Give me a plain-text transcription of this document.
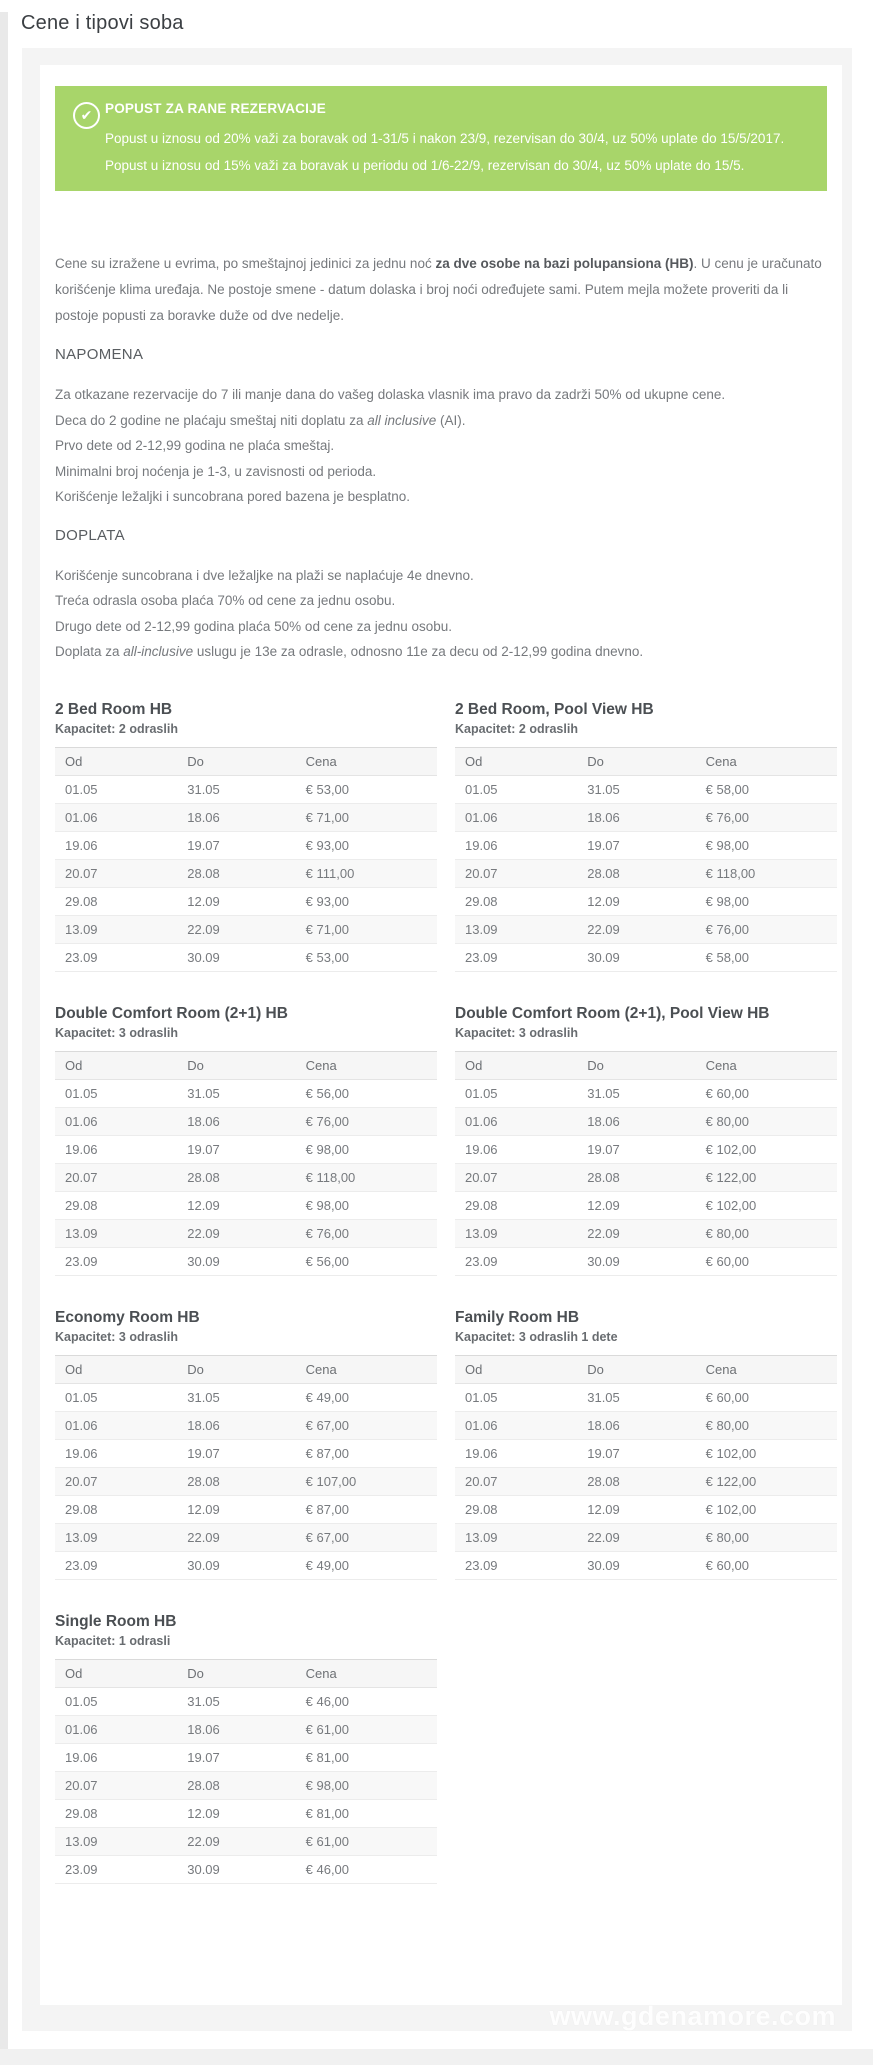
Cene i tipovi soba
✔ POPUST ZA RANE REZERVACIJE

Popust u iznosu od 20% važi za boravak od 1-31/5 i nakon 23/9, rezervisan do 30/4, uz 50% uplate do 15/5/2017.

Popust u iznosu od 15% važi za boravak u periodu od 1/6-22/9, rezervisan do 30/4, uz 50% uplate do 15/5.

Cene su izražene u evrima, po smeštajnoj jedinici za jednu noć za dve osobe na bazi polupansiona (HB). U cenu je uračunato korišćenje klima uređaja. Ne postoje smene - datum dolaska i broj noći određujete sami. Putem mejla možete proveriti da li postoje popusti za boravke duže od dve nedelje.

NAPOMENA
Za otkazane rezervacije do 7 ili manje dana do vašeg dolaska vlasnik ima pravo da zadrži 50% od ukupne cene.
Deca do 2 godine ne plaćaju smeštaj niti doplatu za all inclusive (AI).
Prvo dete od 2-12,99 godina ne plaća smeštaj.
Minimalni broj noćenja je 1-3, u zavisnosti od perioda.
Korišćenje ležaljki i suncobrana pored bazena je besplatno.
DOPLATA
Korišćenje suncobrana i dve ležaljke na plaži se naplaćuje 4e dnevno.
Treća odrasla osoba plaća 70% od cene za jednu osobu.
Drugo dete od 2-12,99 godina plaća 50% od cene za jednu osobu.
Doplata za all-inclusive uslugu je 13e za odrasle, odnosno 11e za decu od 2-12,99 godina dnevno.
2 Bed Room HB
Kapacitet: 2 odraslih
Od	Do	Cena
01.05	31.05	€ 53,00
01.06	18.06	€ 71,00
19.06	19.07	€ 93,00
20.07	28.08	€ 111,00
29.08	12.09	€ 93,00
13.09	22.09	€ 71,00
23.09	30.09	€ 53,00
2 Bed Room, Pool View HB
Kapacitet: 2 odraslih
Od	Do	Cena
01.05	31.05	€ 58,00
01.06	18.06	€ 76,00
19.06	19.07	€ 98,00
20.07	28.08	€ 118,00
29.08	12.09	€ 98,00
13.09	22.09	€ 76,00
23.09	30.09	€ 58,00
Double Comfort Room (2+1) HB
Kapacitet: 3 odraslih
Od	Do	Cena
01.05	31.05	€ 56,00
01.06	18.06	€ 76,00
19.06	19.07	€ 98,00
20.07	28.08	€ 118,00
29.08	12.09	€ 98,00
13.09	22.09	€ 76,00
23.09	30.09	€ 56,00
Double Comfort Room (2+1), Pool View HB
Kapacitet: 3 odraslih
Od	Do	Cena
01.05	31.05	€ 60,00
01.06	18.06	€ 80,00
19.06	19.07	€ 102,00
20.07	28.08	€ 122,00
29.08	12.09	€ 102,00
13.09	22.09	€ 80,00
23.09	30.09	€ 60,00
Economy Room HB
Kapacitet: 3 odraslih
Od	Do	Cena
01.05	31.05	€ 49,00
01.06	18.06	€ 67,00
19.06	19.07	€ 87,00
20.07	28.08	€ 107,00
29.08	12.09	€ 87,00
13.09	22.09	€ 67,00
23.09	30.09	€ 49,00
Family Room HB
Kapacitet: 3 odraslih 1 dete
Od	Do	Cena
01.05	31.05	€ 60,00
01.06	18.06	€ 80,00
19.06	19.07	€ 102,00
20.07	28.08	€ 122,00
29.08	12.09	€ 102,00
13.09	22.09	€ 80,00
23.09	30.09	€ 60,00
Single Room HB
Kapacitet: 1 odrasli
Od	Do	Cena
01.05	31.05	€ 46,00
01.06	18.06	€ 61,00
19.06	19.07	€ 81,00
20.07	28.08	€ 98,00
29.08	12.09	€ 81,00
13.09	22.09	€ 61,00
23.09	30.09	€ 46,00
www.gdenamore.com
